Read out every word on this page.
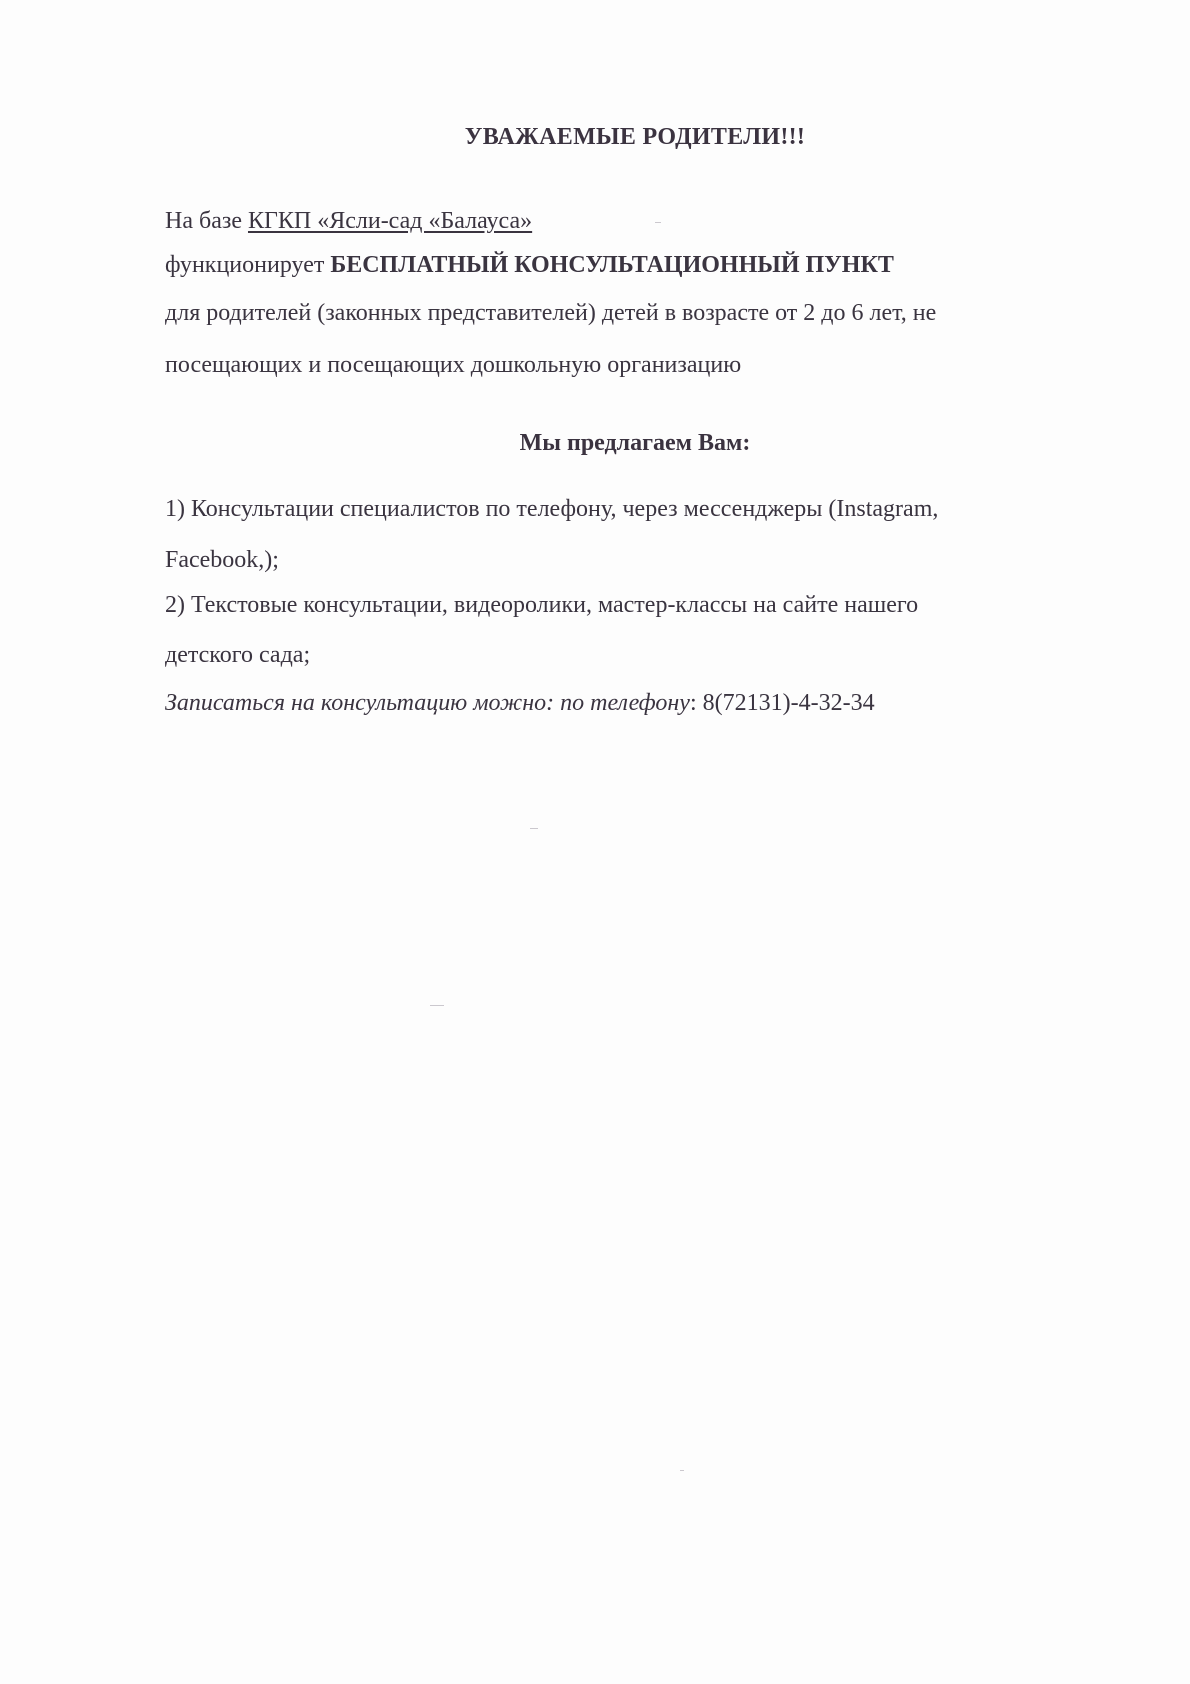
УВАЖАЕМЫЕ РОДИТЕЛИ!!!
На базе КГКП «Ясли-сад «Балауса»
функционирует БЕСПЛАТНЫЙ КОНСУЛЬТАЦИОННЫЙ ПУНКТ
для родителей (законных представителей) детей в возрасте от 2 до 6 лет, не
посещающих и посещающих дошкольную организацию
Мы предлагаем Вам:
1) Консультации специалистов по телефону, через мессенджеры (Instagram,
Facebook,);
2) Текстовые консультации, видеоролики, мастер-классы на сайте нашего
детского сада;
Записаться на консультацию можно: по телефону: 8(72131)-4-32-34
